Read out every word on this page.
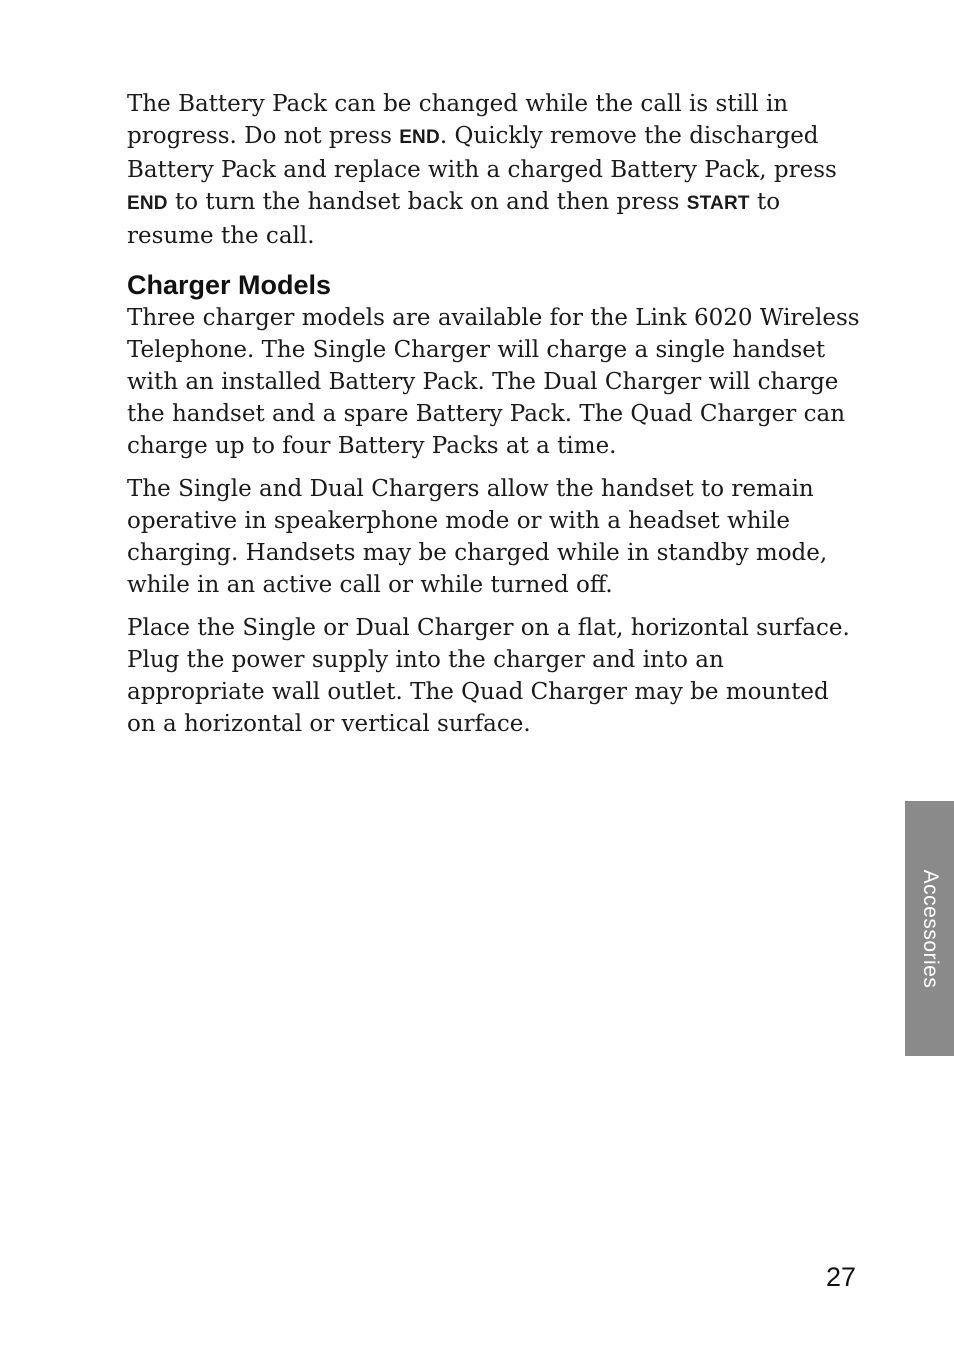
The Battery Pack can be changed while the call is still in progress. Do not press END. Quickly remove the discharged Battery Pack and replace with a charged Battery Pack, press END to turn the handset back on and then press START to resume the call.

Charger Models

Three charger models are available for the Link 6020 Wireless Telephone. The Single Charger will charge a single handset with an installed Battery Pack. The Dual Charger will charge the handset and a spare Battery Pack. The Quad Charger can charge up to four Battery Packs at a time.

The Single and Dual Chargers allow the handset to remain operative in speakerphone mode or with a headset while charging. Handsets may be charged while in standby mode, while in an active call or while turned off.

Place the Single or Dual Charger on a flat, horizontal surface. Plug the power supply into the charger and into an appropriate wall outlet. The Quad Charger may be mounted on a horizontal or vertical surface.

Accessories
27
